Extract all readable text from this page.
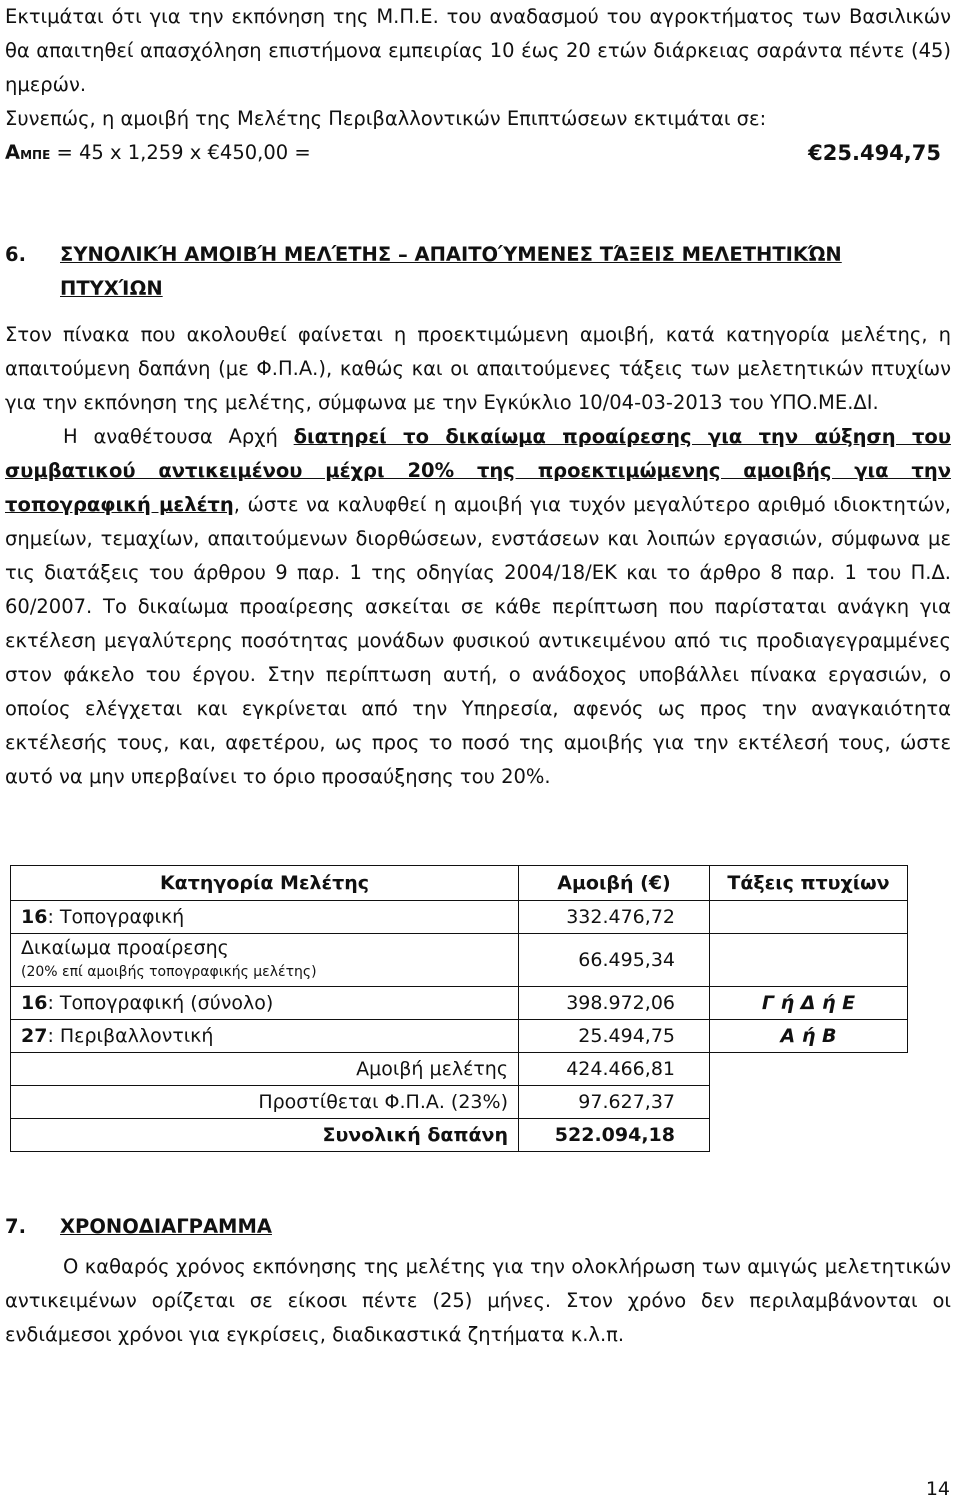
Εκτιμάται ότι για την εκπόνηση της Μ.Π.Ε. του αναδασμού του αγροκτήματος των Βασιλικών θα απαιτηθεί απασχόληση επιστήμονα εμπειρίας 10 έως 20 ετών διάρκειας σαράντα πέντε (45) ημερών.

Συνεπώς, η αμοιβή της Μελέτης Περιβαλλοντικών Επιπτώσεων εκτιμάται σε:

ΑΜΠΕ = 45 x 1,259 x €450,00 =	€25.494,75
6.	ΣΥΝΟΛΙΚΉ ΑΜΟΙΒΉ ΜΕΛΈΤΗΣ – ΑΠΑΙΤΟΎΜΕΝΕΣ ΤΆΞΕΙΣ ΜΕΛΕΤΗΤΙΚΏΝ ΠΤΥΧΊΩΝ

Στον πίνακα που ακολουθεί φαίνεται η προεκτιμώμενη αμοιβή, κατά κατηγορία μελέτης, η απαιτούμενη δαπάνη (με Φ.Π.Α.), καθώς και οι απαιτούμενες τάξεις των μελετητικών πτυχίων για την εκπόνηση της μελέτης, σύμφωνα με την Εγκύκλιο 10/04-03-2013 του ΥΠΟ.ΜΕ.ΔΙ.

Η αναθέτουσα Αρχή διατηρεί το δικαίωμα προαίρεσης για την αύξηση του συμβατικού αντικειμένου μέχρι 20% της προεκτιμώμενης αμοιβής για την τοπογραφική μελέτη, ώστε να καλυφθεί η αμοιβή για τυχόν μεγαλύτερο αριθμό ιδιοκτητών, σημείων, τεμαχίων, απαιτούμενων διορθώσεων, ενστάσεων και λοιπών εργασιών, σύμφωνα με τις διατάξεις του άρθρου 9 παρ. 1 της οδηγίας 2004/18/ΕΚ και το άρθρο 8 παρ. 1 του Π.Δ. 60/2007. Το δικαίωμα προαίρεσης ασκείται σε κάθε περίπτωση που παρίσταται ανάγκη για εκτέλεση μεγαλύτερης ποσότητας μονάδων φυσικού αντικειμένου από τις προδιαγεγραμμένες στον φάκελο του έργου. Στην περίπτωση αυτή, ο ανάδοχος υποβάλλει πίνακα εργασιών, ο οποίος ελέγχεται και εγκρίνεται από την Υπηρεσία, αφενός ως προς την αναγκαιότητα εκτέλεσής τους, και, αφετέρου, ως προς το ποσό της αμοιβής για την εκτέλεσή τους, ώστε αυτό να μην υπερβαίνει το όριο προσαύξησης του 20%.

Κατηγορία Μελέτης	Αμοιβή (€)	Τάξεις πτυχίων
16: Τοπογραφική	332.476,72	

Δικαίωμα προαίρεσης
(20% επί αμοιβής τοπογραφικής μελέτης)	66.495,34	
16: Τοπογραφική (σύνολο)	398.972,06	Γ ή Δ ή Ε
27: Περιβαλλοντική	25.494,75	Α ή Β
Αμοιβή μελέτης	424.466,81	
Προστίθεται Φ.Π.Α. (23%)	97.627,37	
Συνολική δαπάνη	522.094,18	
7.	ΧΡΟΝΟΔΙΑΓΡΑΜΜΑ

Ο καθαρός χρόνος εκπόνησης της μελέτης για την ολοκλήρωση των αμιγώς μελετητικών αντικειμένων ορίζεται σε είκοσι πέντε (25) μήνες. Στον χρόνο δεν περιλαμβάνονται οι ενδιάμεσοι χρόνοι για εγκρίσεις, διαδικαστικά ζητήματα κ.λ.π.

14
